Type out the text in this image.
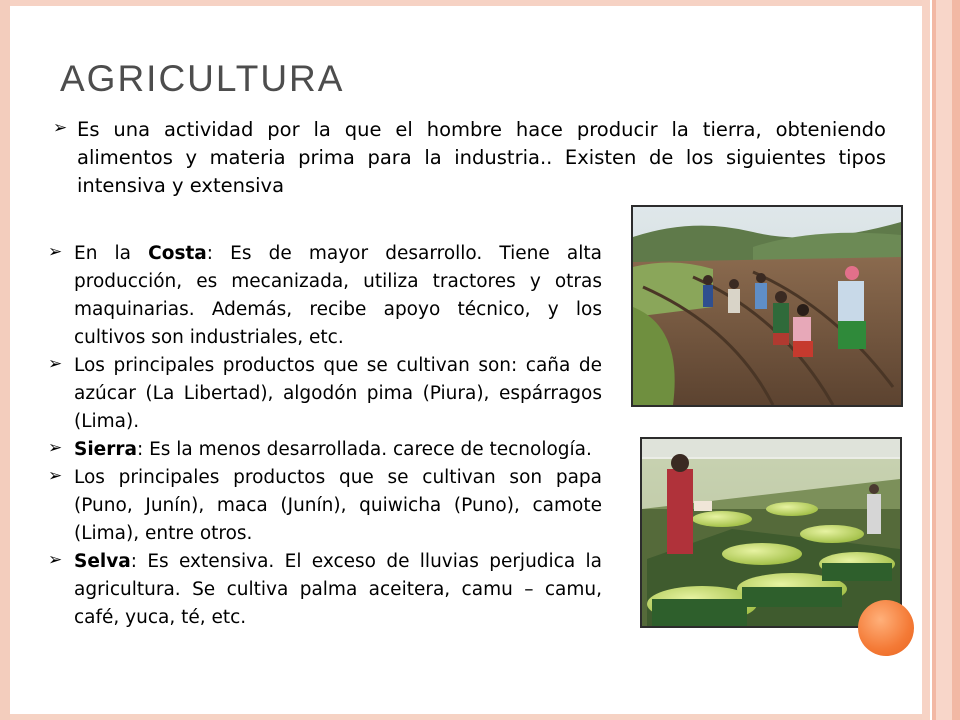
AGRICULTURA
➢ Es una actividad por la que el hombre hace producir la tierra, obteniendo alimentos y materia prima para la industria.. Existen de los siguientes tipos intensiva y extensiva
➢ En la Costa: Es de mayor desarrollo. Tiene alta producción, es mecanizada, utiliza tractores y otras maquinarias. Además, recibe apoyo técnico, y los cultivos son industriales, etc.
➢ Los principales productos que se cultivan son: caña de azúcar (La Libertad), algodón pima (Piura), espárragos (Lima).
➢ Sierra: Es la menos desarrollada. carece de tecnología.
➢ Los principales productos que se cultivan son papa (Puno, Junín), maca (Junín), quiwicha (Puno), camote (Lima), entre otros.
➢ Selva: Es extensiva. El exceso de lluvias perjudica la agricultura. Se cultiva palma aceitera, camu – camu, café, yuca, té, etc.
